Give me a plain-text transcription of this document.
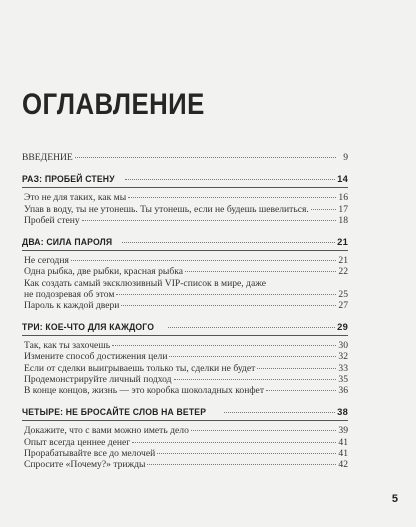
ОГЛАВЛЕНИЕ
ВВЕДЕНИЕ	9
РАЗ: ПРОБЕЙ СТЕНУ	14
Это не для таких, как мы	16
Упав в воду, ты не утонешь. Ты утонешь, если не будешь шевелиться.	17
Пробей стену	18
ДВА: СИЛА ПАРОЛЯ	21
Не сегодня	21
Одна рыбка, две рыбки, красная рыбка	22
Как создать самый эксклюзивный VIP-список в мире, даже
не подозревая об этом	25
Пароль к каждой двери	27
ТРИ: КОЕ-ЧТО ДЛЯ КАЖДОГО	29
Так, как ты захочешь	30
Измените способ достижения цели	32
Если от сделки выигрываешь только ты, сделки не будет	33
Продемонстрируйте личный подход	35
В конце концов, жизнь — это коробка шоколадных конфет	36
ЧЕТЫРЕ: НЕ БРОСАЙТЕ СЛОВ НА ВЕТЕР	38
Докажите, что с вами можно иметь дело	39
Опыт всегда ценнее денег	41
Прорабатывайте все до мелочей	41
Спросите «Почему?» трижды	42
5
